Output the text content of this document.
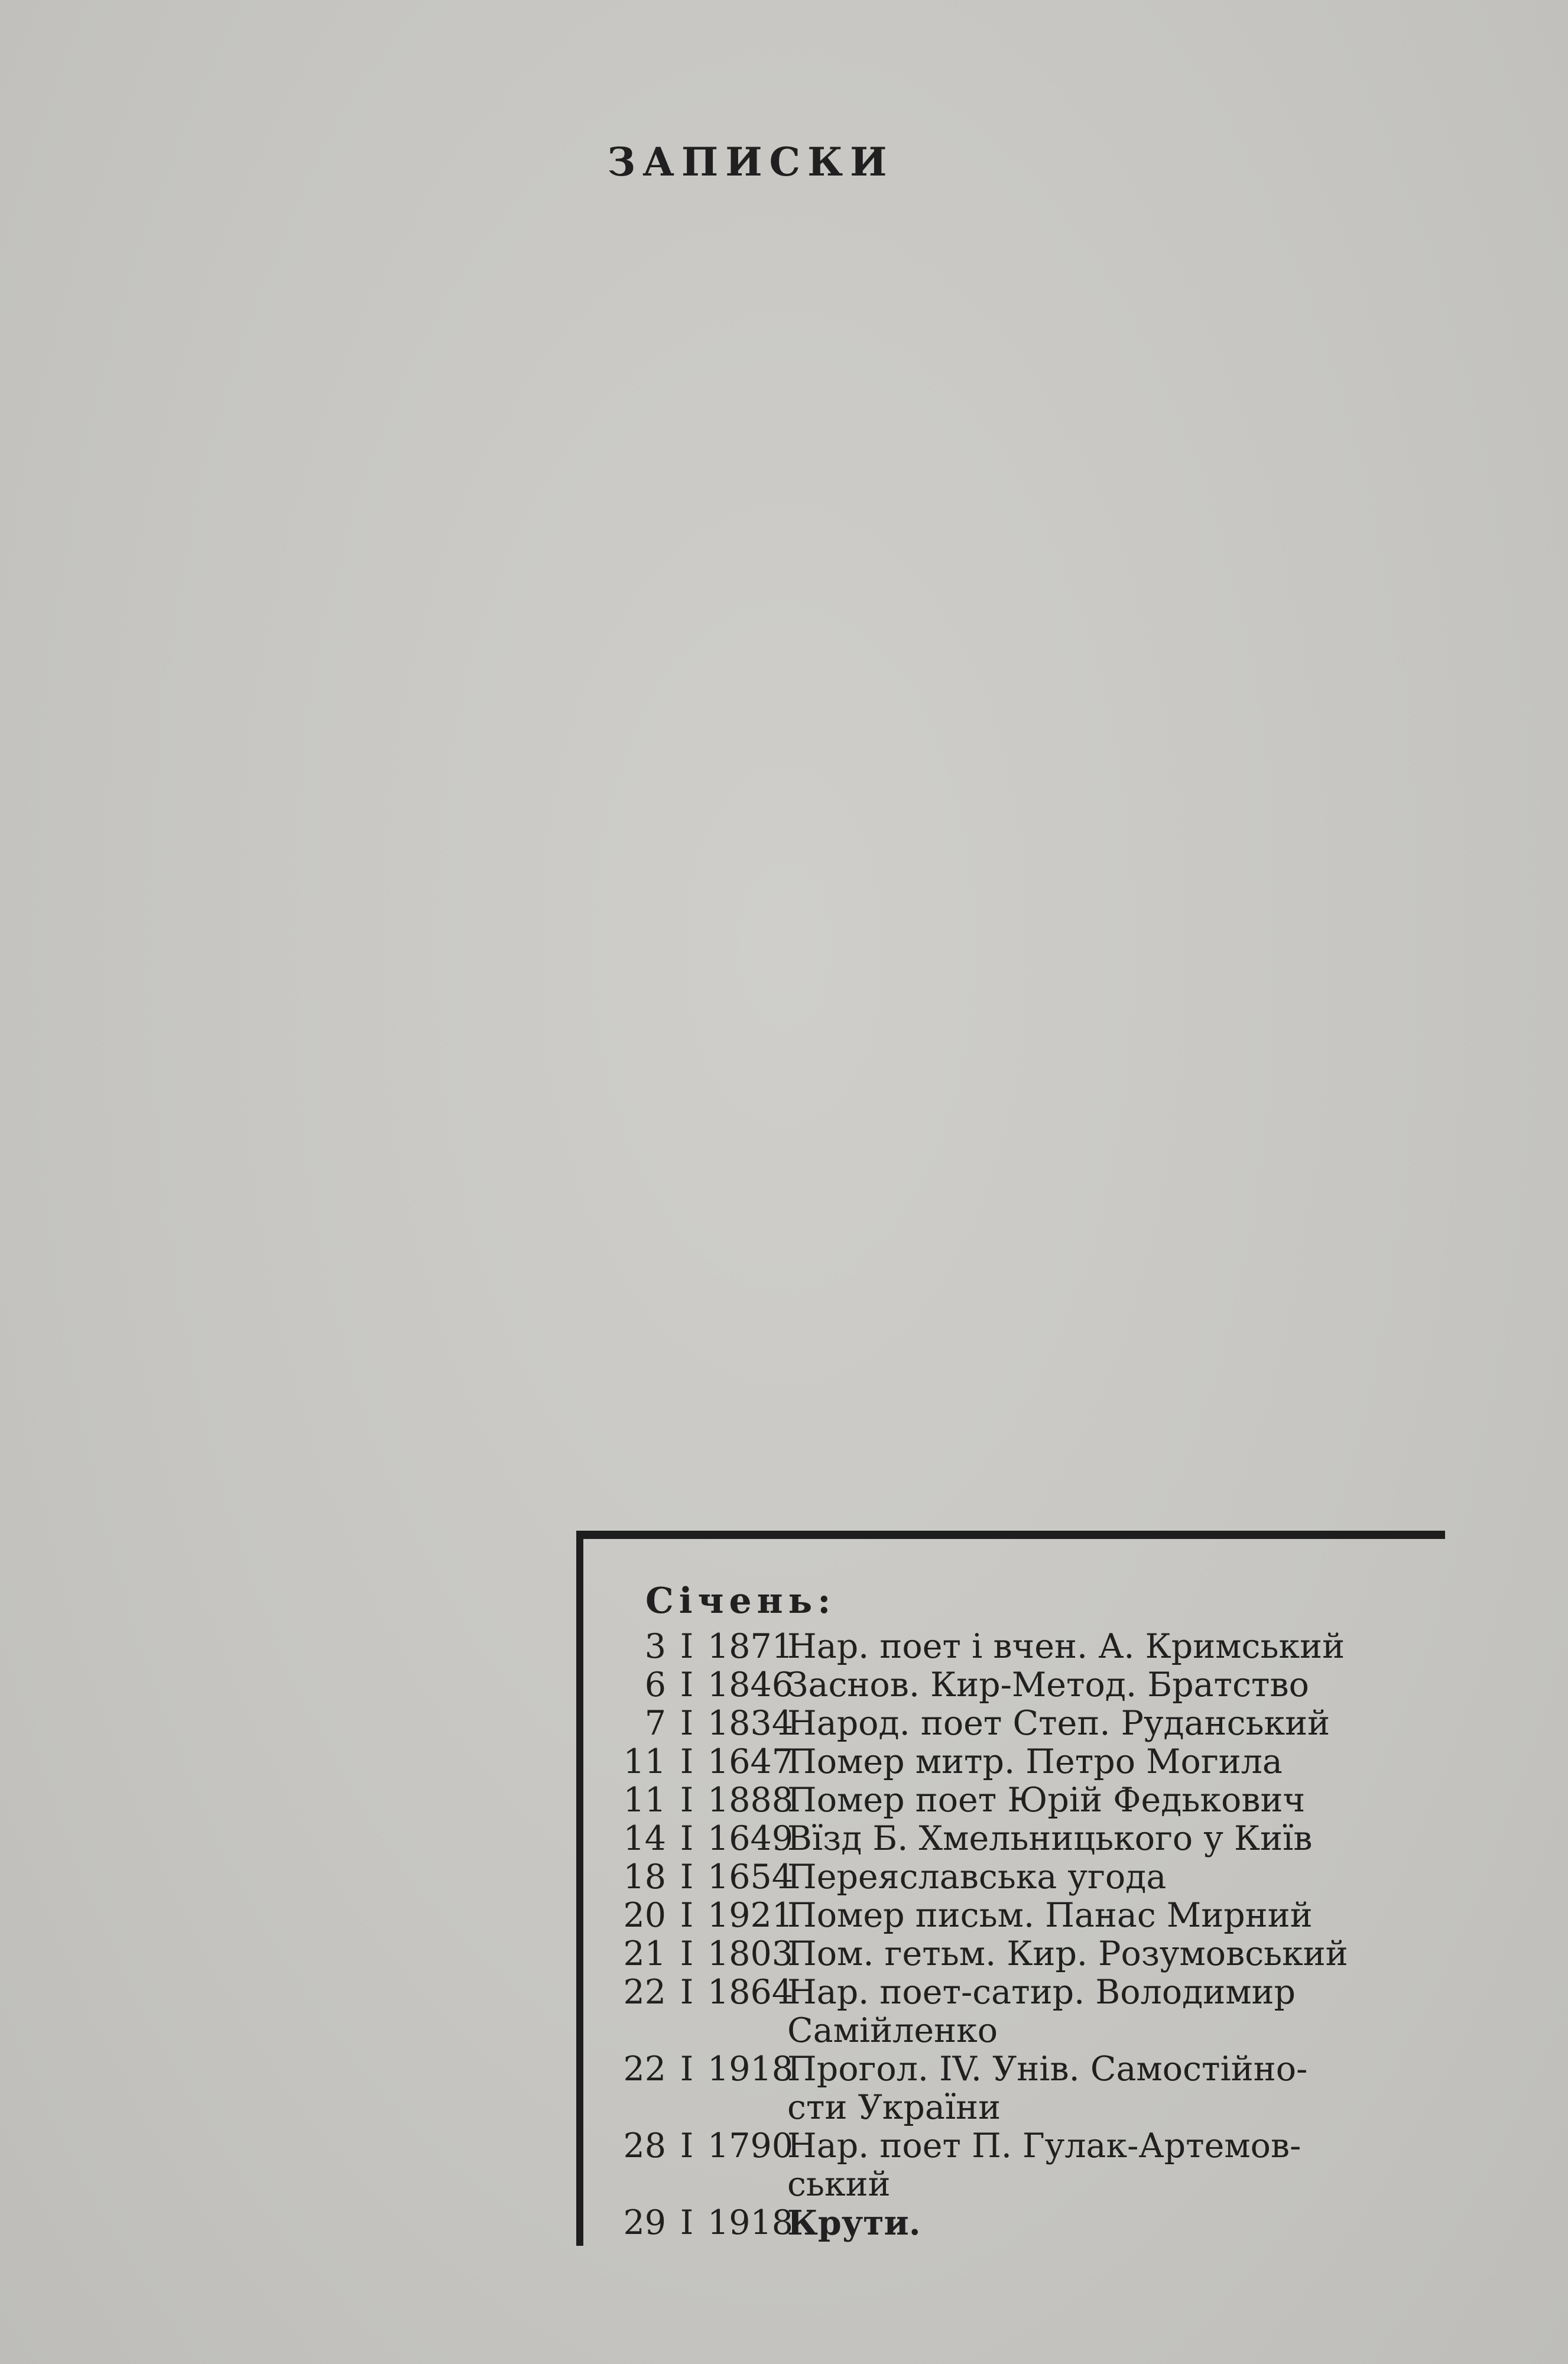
ЗАПИСКИ
Січень:
3 I 1871
Нар. поет і вчен. А. Кримський
6 I 1846
Заснов. Кир-Метод. Братство
7 I 1834
Народ. поет Степ. Руданський
11 I 1647
Помер митр. Петро Могила
11 I 1888
Помер поет Юрій Федькович
14 I 1649
Вїзд Б. Хмельницького у Київ
18 I 1654
Переяславська угода
20 I 1921
Помер письм. Панас Мирний
21 I 1803
Пом. гетьм. Кир. Розумовський
22 I 1864
Нар. поет-сатир. Володимир
Самійленко
22 I 1918
Прогол. IV. Унів. Самостійно-
сти України
28 I 1790
Нар. поет П. Гулак-Артемов-
ський
29 I 1918
Крути.
